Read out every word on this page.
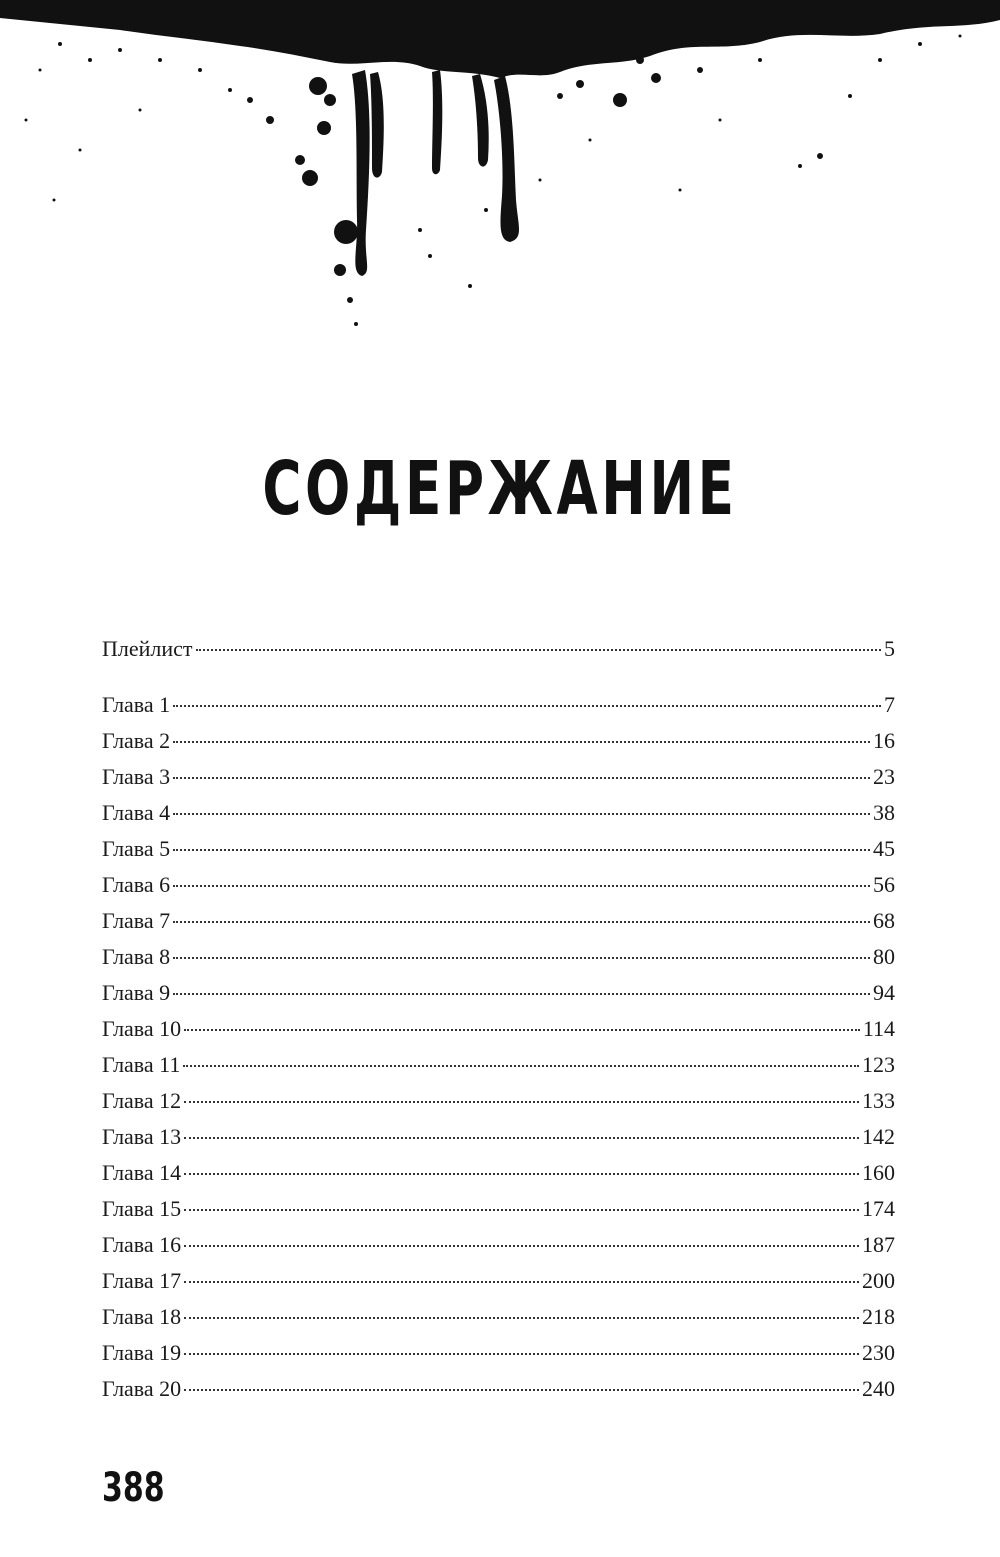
СОДЕРЖАНИЕ
Плейлист	5
Глава 1	7
Глава 2	16
Глава 3	23
Глава 4	38
Глава 5	45
Глава 6	56
Глава 7	68
Глава 8	80
Глава 9	94
Глава 10	114
Глава 11	123
Глава 12	133
Глава 13	142
Глава 14	160
Глава 15	174
Глава 16	187
Глава 17	200
Глава 18	218
Глава 19	230
Глава 20	240
388
